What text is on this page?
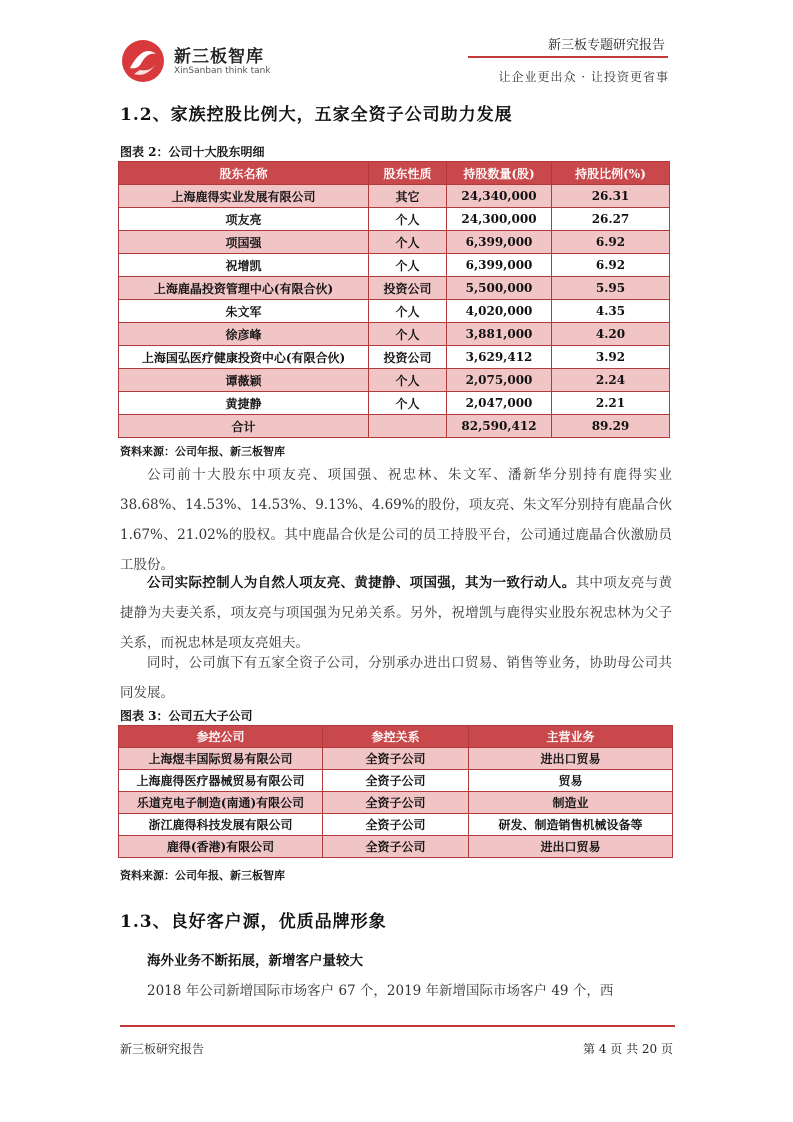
新三板智库
XinSanban think tank
新三板专题研究报告
让企业更出众 · 让投资更省事
1.2、家族控股比例大，五家全资子公司助力发展
图表 2：公司十大股东明细
股东名称	股东性质	持股数量(股)	持股比例(%)
上海鹿得实业发展有限公司	其它	24,340,000	26.31
项友亮	个人	24,300,000	26.27
项国强	个人	6,399,000	6.92
祝增凯	个人	6,399,000	6.92
上海鹿晶投资管理中心(有限合伙)	投资公司	5,500,000	5.95
朱文军	个人	4,020,000	4.35
徐彦峰	个人	3,881,000	4.20
上海国弘医疗健康投资中心(有限合伙)	投资公司	3,629,412	3.92
谭薇颖	个人	2,075,000	2.24
黄捷静	个人	2,047,000	2.21
合计		82,590,412	89.29
资料来源：公司年报、新三板智库
公司前十大股东中项友亮、项国强、祝忠林、朱文军、潘新华分别持有鹿得实业 38.68%、14.53%、14.53%、9.13%、4.69%的股份，项友亮、朱文军分别持有鹿晶合伙 1.67%、21.02%的股权。其中鹿晶合伙是公司的员工持股平台，公司通过鹿晶合伙激励员工股份。
公司实际控制人为自然人项友亮、黄捷静、项国强，其为一致行动人。其中项友亮与黄捷静为夫妻关系，项友亮与项国强为兄弟关系。另外，祝增凯与鹿得实业股东祝忠林为父子关系，而祝忠林是项友亮姐夫。
同时，公司旗下有五家全资子公司，分别承办进出口贸易、销售等业务，协助母公司共同发展。
图表 3：公司五大子公司
参控公司	参控关系	主营业务
上海煜丰国际贸易有限公司	全资子公司	进出口贸易
上海鹿得医疗器械贸易有限公司	全资子公司	贸易
乐道克电子制造(南通)有限公司	全资子公司	制造业
浙江鹿得科技发展有限公司	全资子公司	研发、制造销售机械设备等
鹿得(香港)有限公司	全资子公司	进出口贸易
资料来源：公司年报、新三板智库
1.3、良好客户源，优质品牌形象
海外业务不断拓展，新增客户量较大
2018 年公司新增国际市场客户 67 个，2019 年新增国际市场客户 49 个，西
新三板研究报告	第 4 页 共 20 页
